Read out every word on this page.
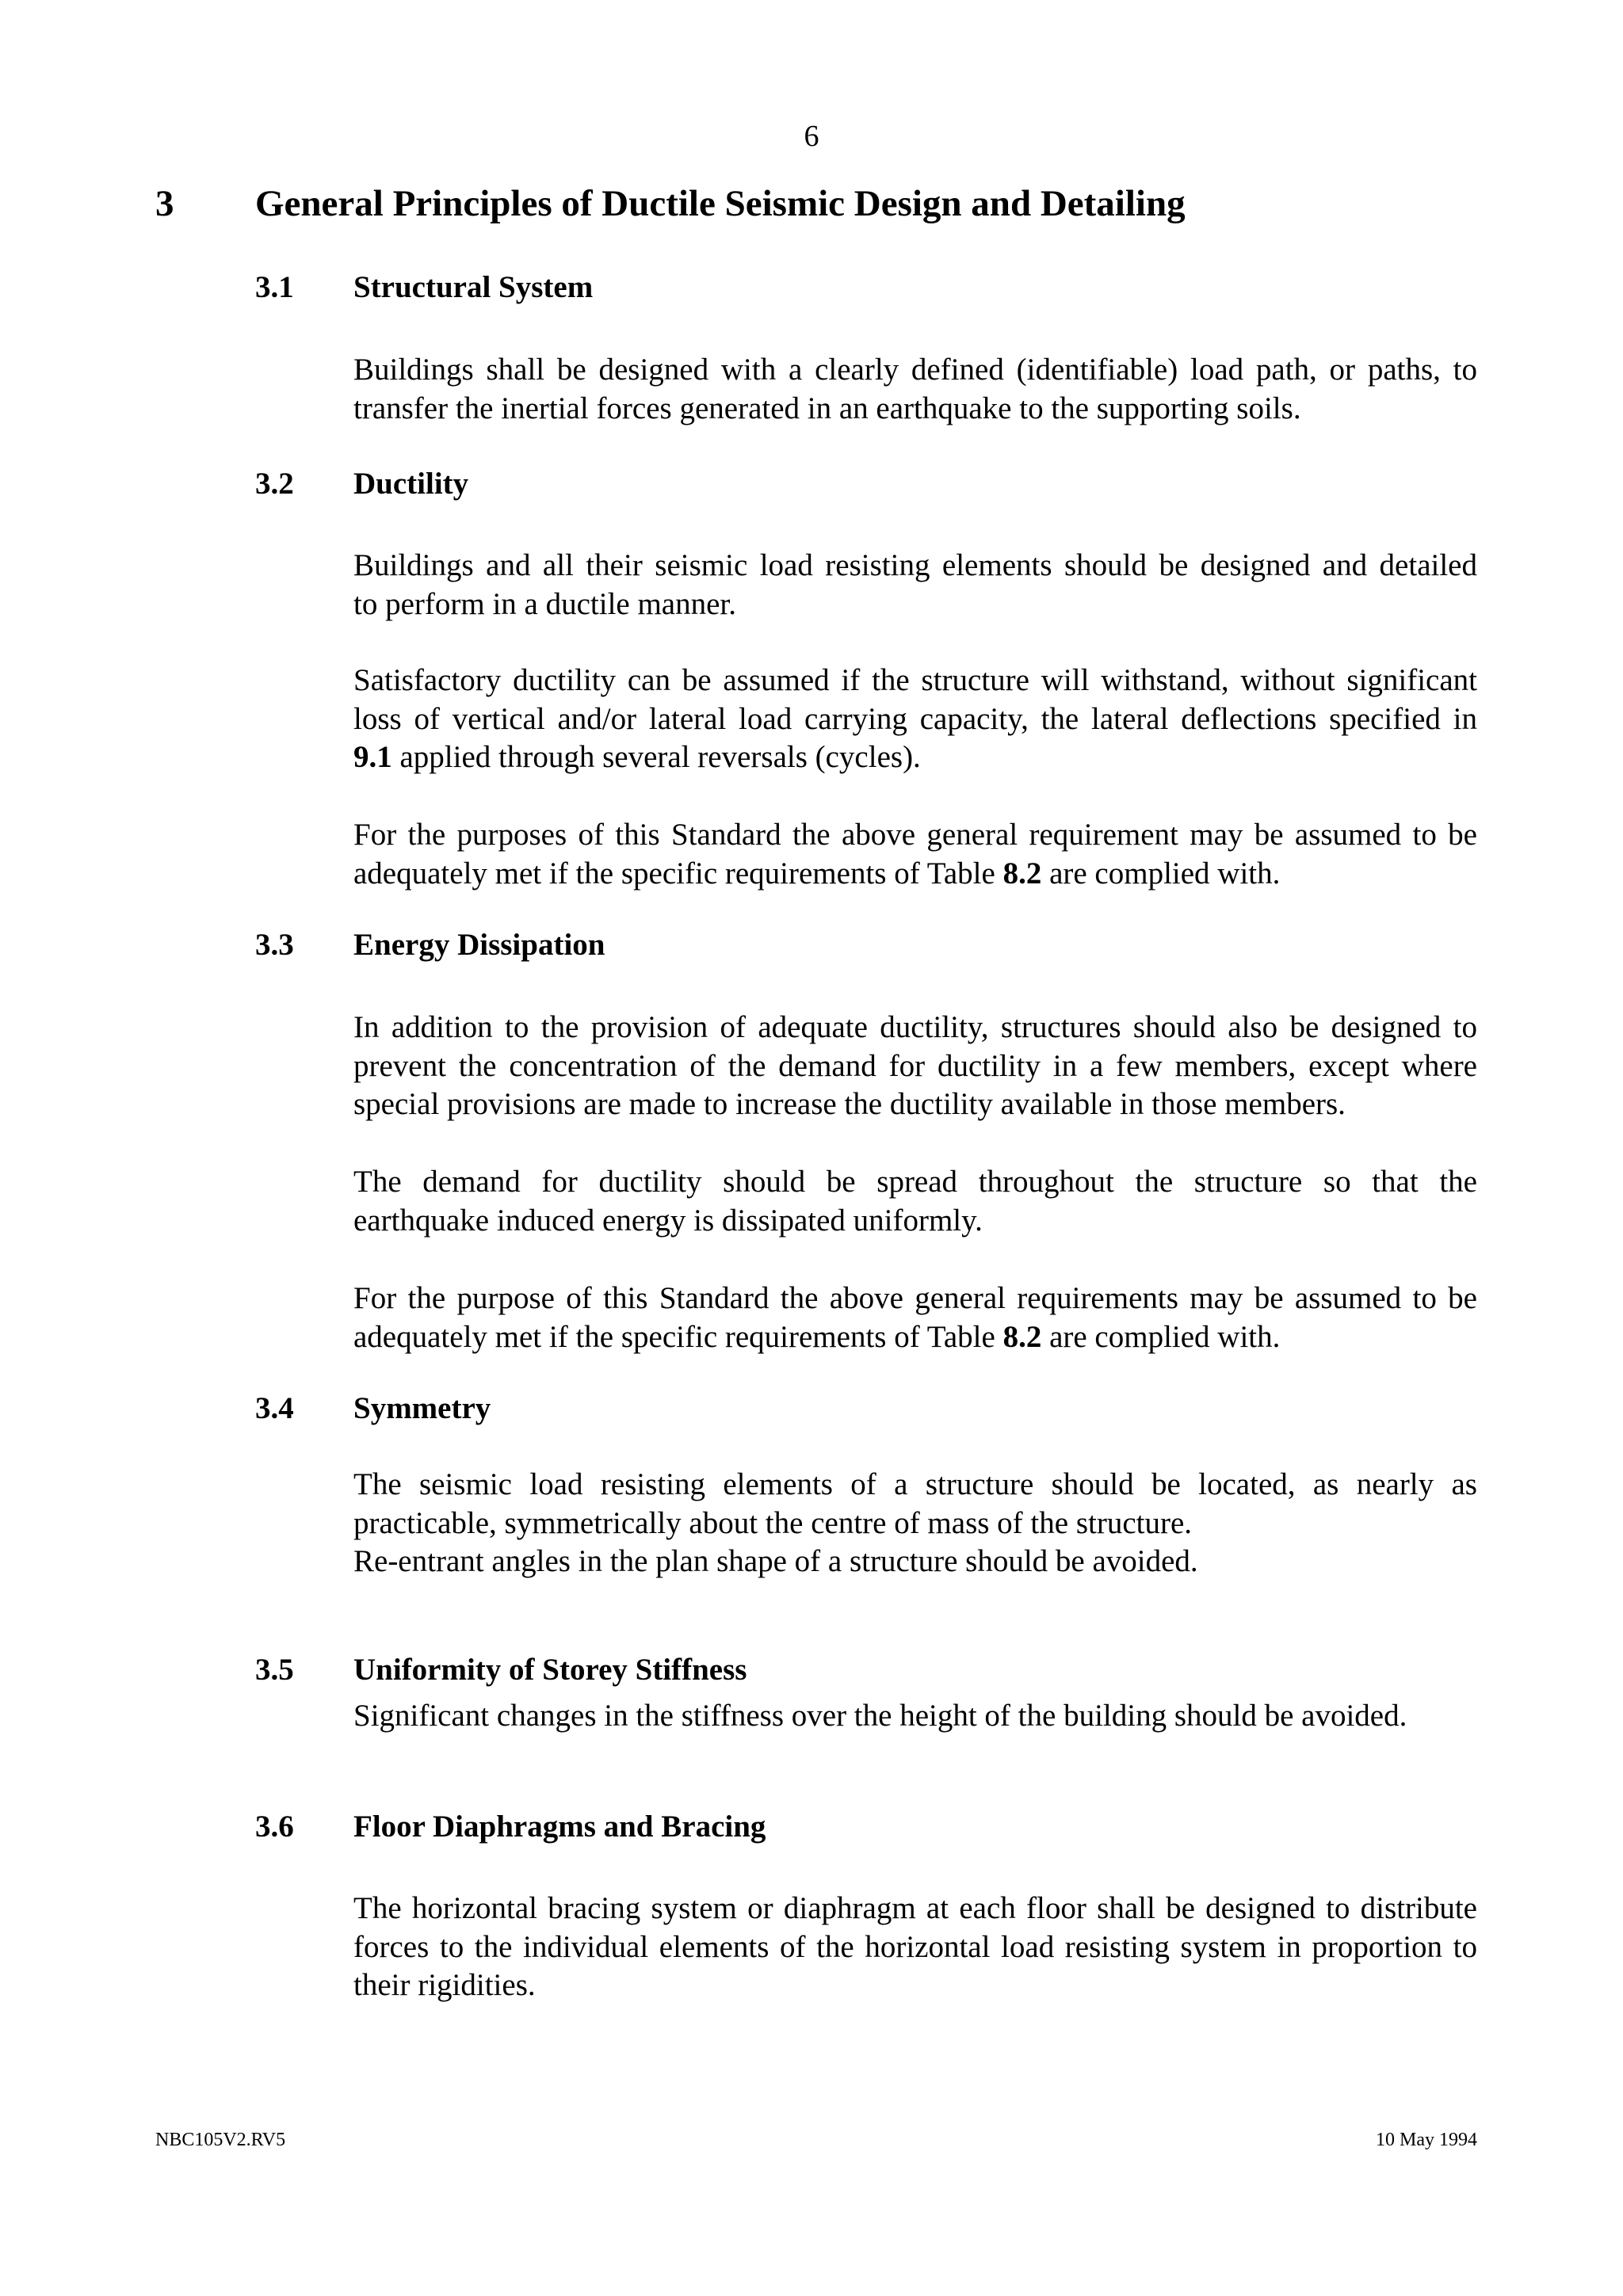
6
3 General Principles of Ductile Seismic Design and Detailing
3.1 Structural System
Buildings shall be designed with a clearly defined (identifiable) load path, or paths, to
transfer the inertial forces generated in an earthquake to the supporting soils.
3.2 Ductility
Buildings and all their seismic load resisting elements should be designed and detailed
to perform in a ductile manner.
Satisfactory ductility can be assumed if the structure will withstand, without significant
loss of vertical and/or lateral load carrying capacity, the lateral deflections specified in
9.1 applied through several reversals (cycles).
For the purposes of this Standard the above general requirement may be assumed to be
adequately met if the specific requirements of Table 8.2 are complied with.
3.3 Energy Dissipation
In addition to the provision of adequate ductility, structures should also be designed to
prevent the concentration of the demand for ductility in a few members, except where
special provisions are made to increase the ductility available in those members.
The demand for ductility should be spread throughout the structure so that the
earthquake induced energy is dissipated uniformly.
For the purpose of this Standard the above general requirements may be assumed to be
adequately met if the specific requirements of Table 8.2 are complied with.
3.4 Symmetry
The seismic load resisting elements of a structure should be located, as nearly as
practicable, symmetrically about the centre of mass of the structure.
Re-entrant angles in the plan shape of a structure should be avoided.
3.5 Uniformity of Storey Stiffness
Significant changes in the stiffness over the height of the building should be avoided.
3.6 Floor Diaphragms and Bracing
The horizontal bracing system or diaphragm at each floor shall be designed to distribute
forces to the individual elements of the horizontal load resisting system in proportion to
their rigidities.
NBC105V2.RV5	10 May 1994
